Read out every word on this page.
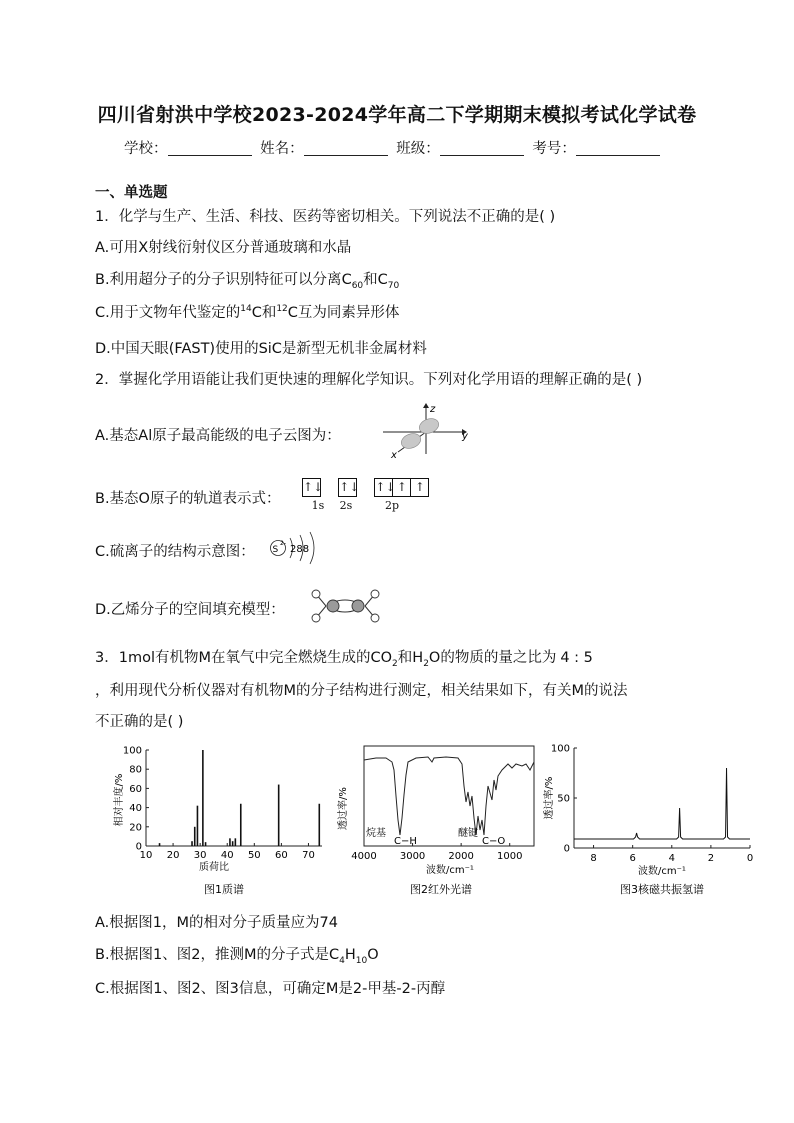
四川省射洪中学校2023-2024学年高二下学期期末模拟考试化学试卷
学校：	姓名：	班级：	考号：
一、单选题
1．化学与生产、生活、科技、医药等密切相关。下列说法不正确的是( )
A.可用X射线衍射仪区分普通玻璃和水晶
B.利用超分子的分子识别特征可以分离$C_{60}$和$C_{70}$
C.用于文物年代鉴定的$^{14}$C和$^{12}$C互为同素异形体
D.中国天眼(FAST)使用的SiC是新型无机非金属材料
2．掌握化学用语能让我们更快速的理解化学知识。下列对化学用语的理解正确的是( )
A.基态Al原子最高能级的电子云图为：
z
y
x
B.基态O原子的轨道表示式：
↑↓ ↑↓ ↑↓↑ ↑
1s 2s	2p
C.硫离子的结构示意图： S
2-
288
D.乙烯分子的空间填充模型：
3．1mol有机物M在氧气中完全燃烧生成的$CO_2$和$H_2O$的物质的量之比为 4 : 5
，利用现代分析仪器对有机物M的分子结构进行测定，相关结果如下，有关M的说法
不正确的是( )
0
20
40
60
80
100
10 20 30 40 50 60 70
相对丰度/%
质荷比
图1质谱
烷基
C−H
醚键
C−O
4000 3000 2000 1000
透过率/%
波数/cm⁻¹
图2红外光谱
0
50
100
8	6	4	2	0
透过率/%
波数/cm⁻¹
图3核磁共振氢谱
A.根据图1，M的相对分子质量应为74
B.根据图1、图2，推测M的分子式是$C_4H_{10}O$
C.根据图1、图2、图3信息，可确定M是2-甲基-2-丙醇
